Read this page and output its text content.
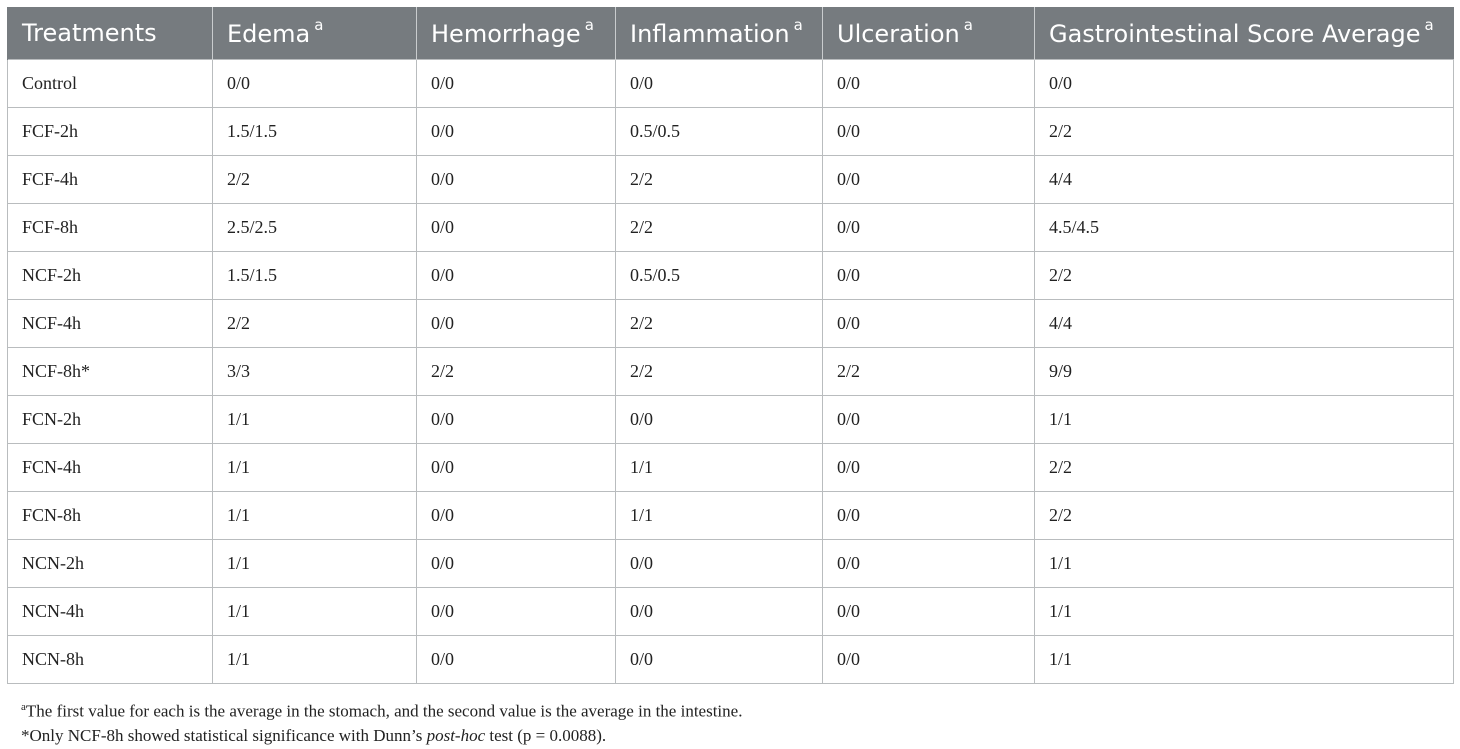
Treatments	Edema $^a$	Hemorrhage $^a$	Inflammation $^a$	Ulceration $^a$	Gastrointestinal Score Average $^a$
Control	0/0	0/0	0/0	0/0	0/0
FCF-2h	1.5/1.5	0/0	0.5/0.5	0/0	2/2
FCF-4h	2/2	0/0	2/2	0/0	4/4
FCF-8h	2.5/2.5	0/0	2/2	0/0	4.5/4.5
NCF-2h	1.5/1.5	0/0	0.5/0.5	0/0	2/2
NCF-4h	2/2	0/0	2/2	0/0	4/4
NCF-8h*	3/3	2/2	2/2	2/2	9/9
FCN-2h	1/1	0/0	0/0	0/0	1/1
FCN-4h	1/1	0/0	1/1	0/0	2/2
FCN-8h	1/1	0/0	1/1	0/0	2/2
NCN-2h	1/1	0/0	0/0	0/0	1/1
NCN-4h	1/1	0/0	0/0	0/0	1/1
NCN-8h	1/1	0/0	0/0	0/0	1/1
$^a$The first value for each is the average in the stomach, and the second value is the average in the intestine.
*Only NCF-8h showed statistical significance with Dunn’s post-hoc test (p = 0.0088).
